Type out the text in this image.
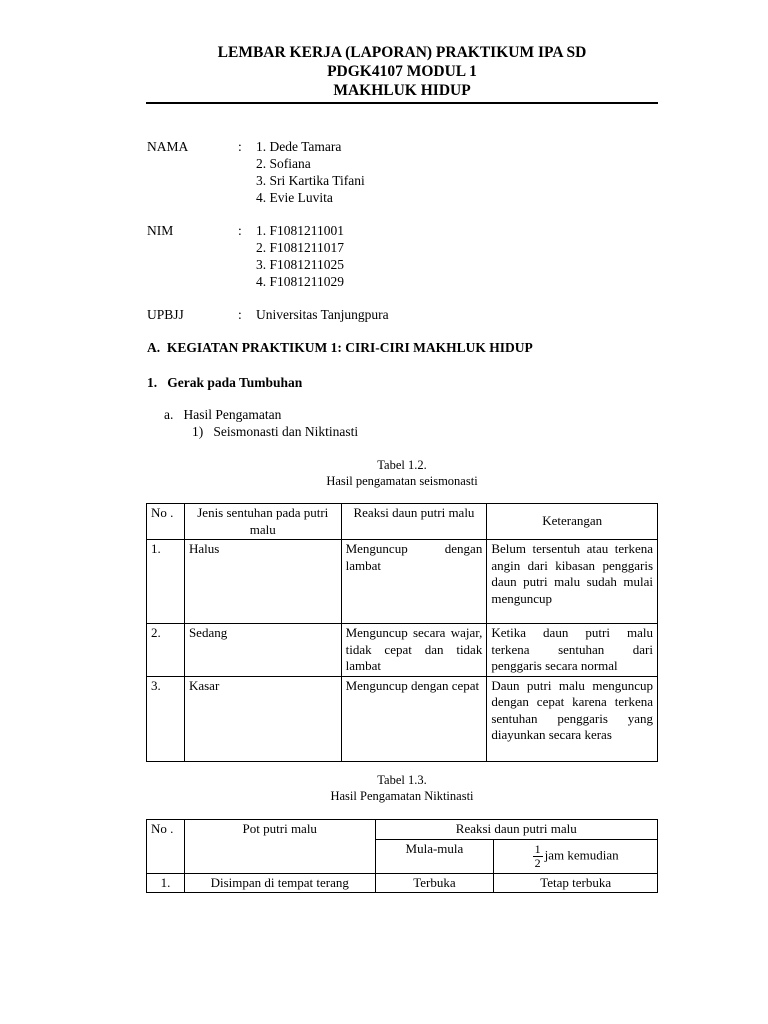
LEMBAR KERJA (LAPORAN) PRAKTIKUM IPA SD
PDGK4107 MODUL 1
MAKHLUK HIDUP
NAMA	: 1. Dede Tamara
2. Sofiana
3. Sri Kartika Tifani
4. Evie Luvita
NIM	: 1. F1081211001
2. F1081211017
3. F1081211025
4. F1081211029
UPBJJ	: Universitas Tanjungpura
A.  KEGIATAN PRAKTIKUM 1: CIRI-CIRI MAKHLUK HIDUP
1.   Gerak pada Tumbuhan
a.   Hasil Pengamatan
1)   Seismonasti dan Niktinasti
Tabel 1.2.
Hasil pengamatan seismonasti
No .	Jenis sentuhan pada putri malu	Reaksi daun putri malu	Keterangan
1.	Halus	Menguncup dengan lambat	Belum tersentuh atau terkena angin dari kibasan penggaris daun putri malu sudah mulai menguncup
2.	Sedang	Menguncup secara wajar, tidak cepat dan tidak lambat	Ketika daun putri malu terkena sentuhan dari penggaris secara normal
3.	Kasar	Menguncup dengan cepat	Daun putri malu menguncup dengan cepat karena terkena sentuhan penggaris yang diayunkan secara keras
Tabel 1.3.
Hasil Pengamatan Niktinasti
No .	Pot putri malu	Reaksi daun putri malu	
		Mula-mula	$\frac{1}{2}$ jam kemudian
1.	Disimpan di tempat terang	Terbuka	Tetap terbuka
